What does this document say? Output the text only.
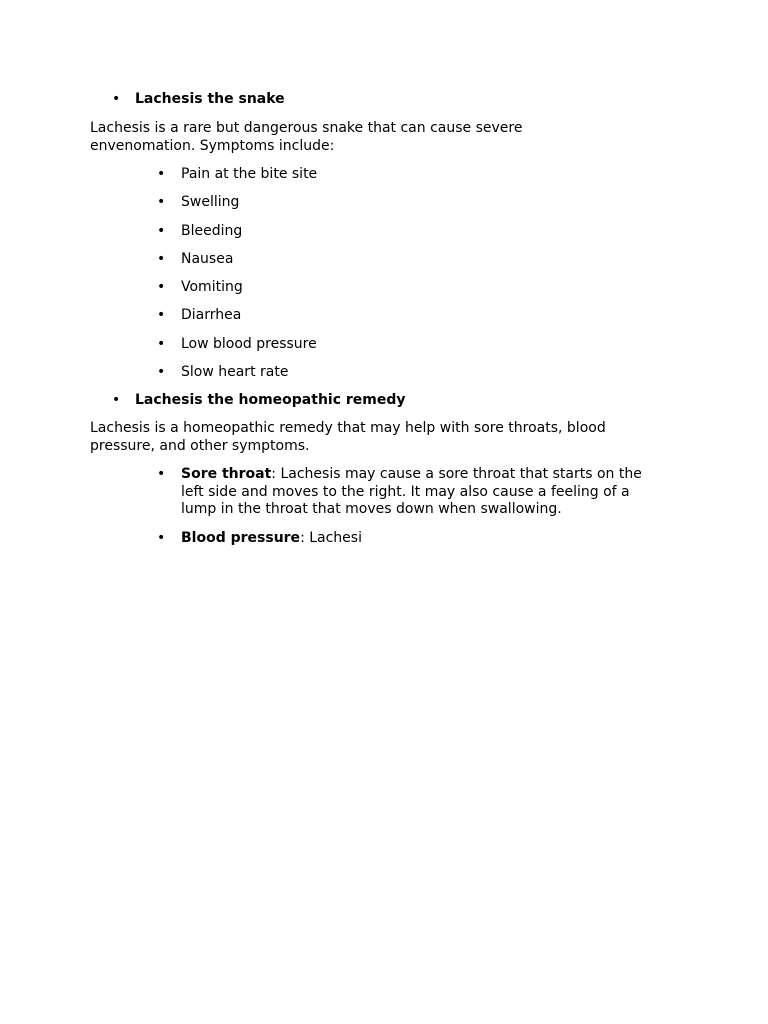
• Lachesis the snake
Lachesis is a rare but dangerous snake that can cause severe envenomation. Symptoms include:
• Pain at the bite site
• Swelling
• Bleeding
• Nausea
• Vomiting
• Diarrhea
• Low blood pressure
• Slow heart rate
• Lachesis the homeopathic remedy
Lachesis is a homeopathic remedy that may help with sore throats, blood pressure, and other symptoms.
• Sore throat: Lachesis may cause a sore throat that starts on the left side and moves to the right. It may also cause a feeling of a lump in the throat that moves down when swallowing.
• Blood pressure: Lachesi
